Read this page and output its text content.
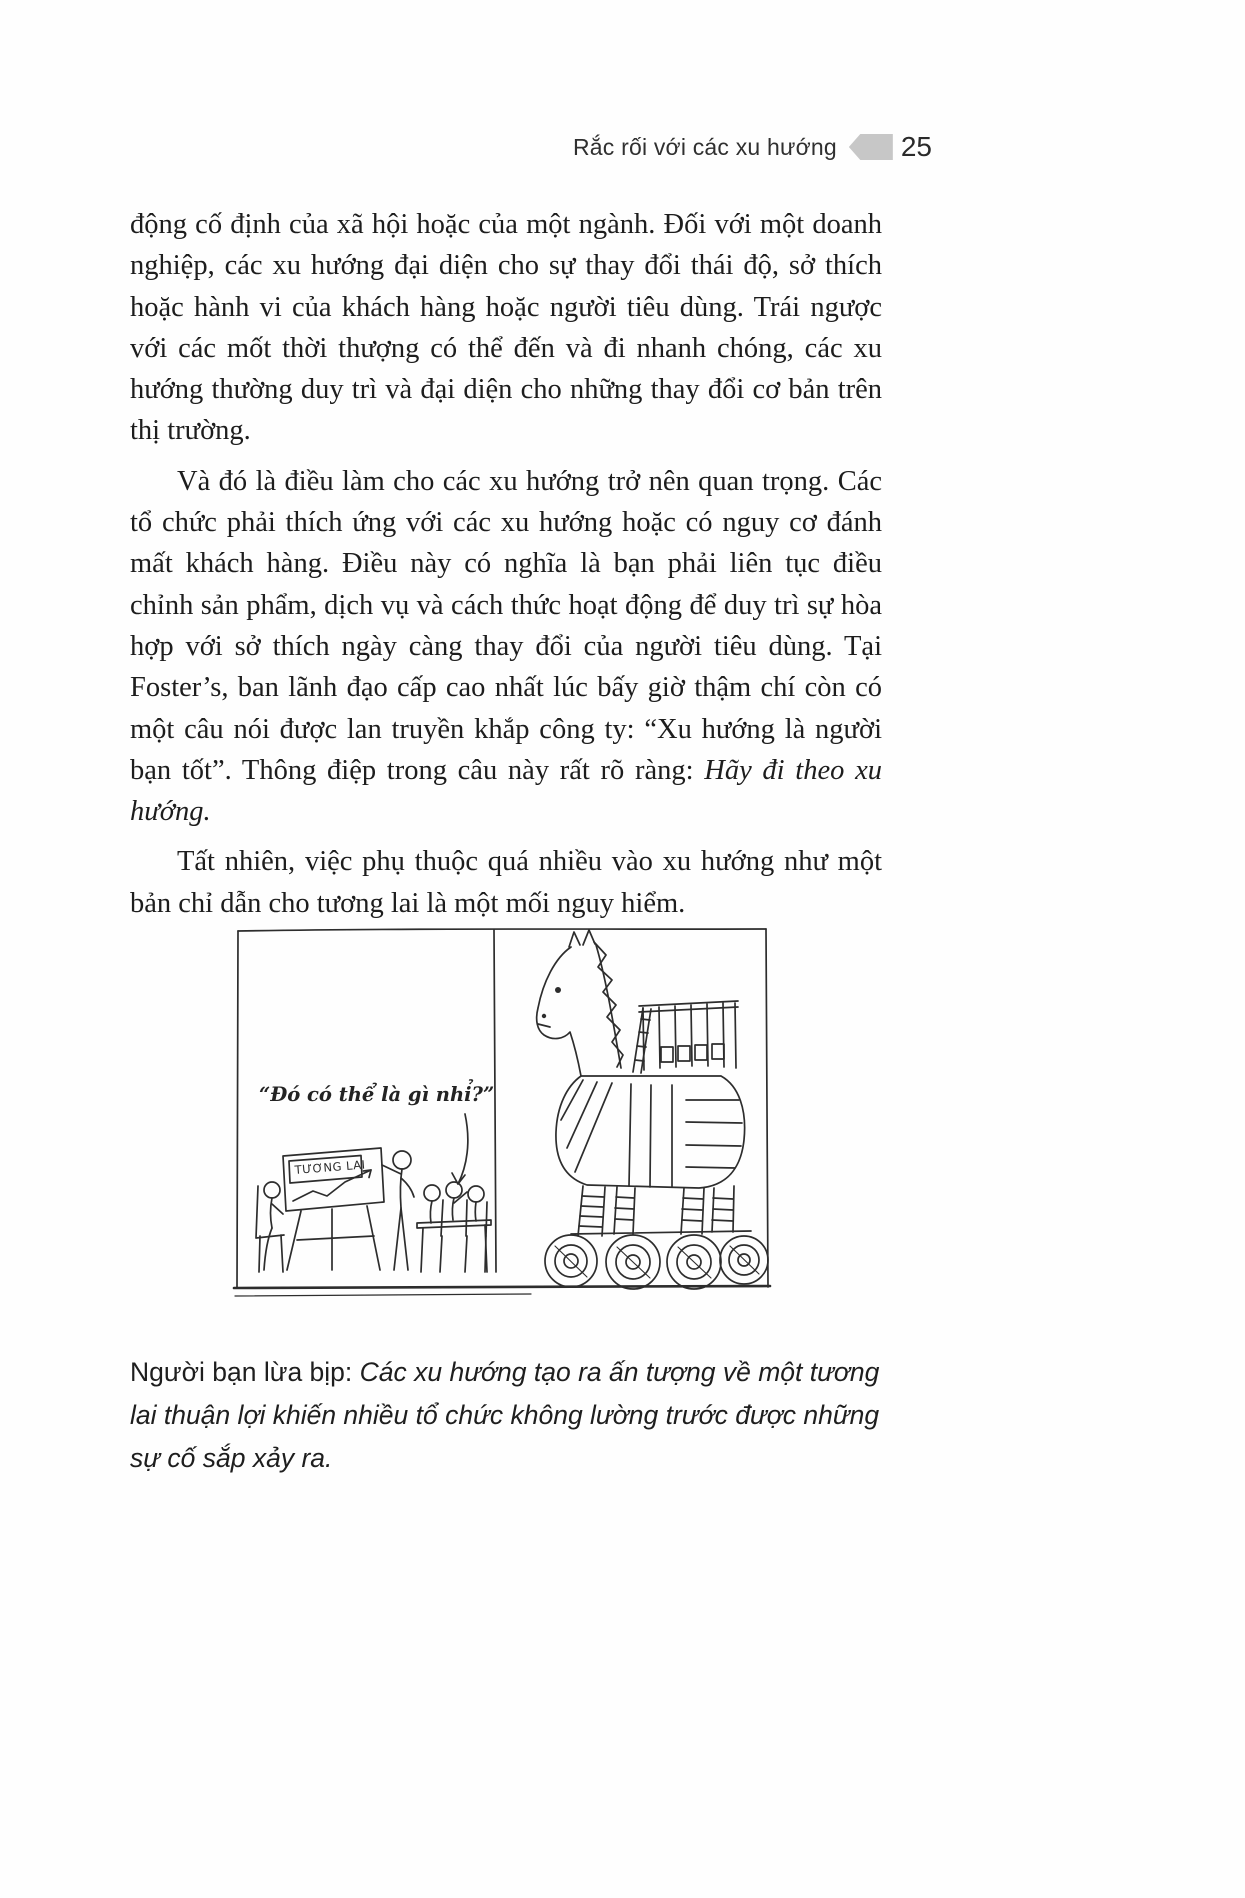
Rắc rối với các xu hướng	25

động cố định của xã hội hoặc của một ngành. Đối với một doanh nghiệp, các xu hướng đại diện cho sự thay đổi thái độ, sở thích hoặc hành vi của khách hàng hoặc người tiêu dùng. Trái ngược với các mốt thời thượng có thể đến và đi nhanh chóng, các xu hướng thường duy trì và đại diện cho những thay đổi cơ bản trên thị trường.

Và đó là điều làm cho các xu hướng trở nên quan trọng. Các tổ chức phải thích ứng với các xu hướng hoặc có nguy cơ đánh mất khách hàng. Điều này có nghĩa là bạn phải liên tục điều chỉnh sản phẩm, dịch vụ và cách thức hoạt động để duy trì sự hòa hợp với sở thích ngày càng thay đổi của người tiêu dùng. Tại Foster’s, ban lãnh đạo cấp cao nhất lúc bấy giờ thậm chí còn có một câu nói được lan truyền khắp công ty: “Xu hướng là người bạn tốt”. Thông điệp trong câu này rất rõ ràng: Hãy đi theo xu hướng.

Tất nhiên, việc phụ thuộc quá nhiều vào xu hướng như một bản chỉ dẫn cho tương lai là một mối nguy hiểm.

“Đó có thể là gì nhỉ?”
TƯƠNG LAI
Người bạn lừa bịp: Các xu hướng tạo ra ấn tượng về một tương lai thuận lợi khiến nhiều tổ chức không lường trước được những sự cố sắp xảy ra.
